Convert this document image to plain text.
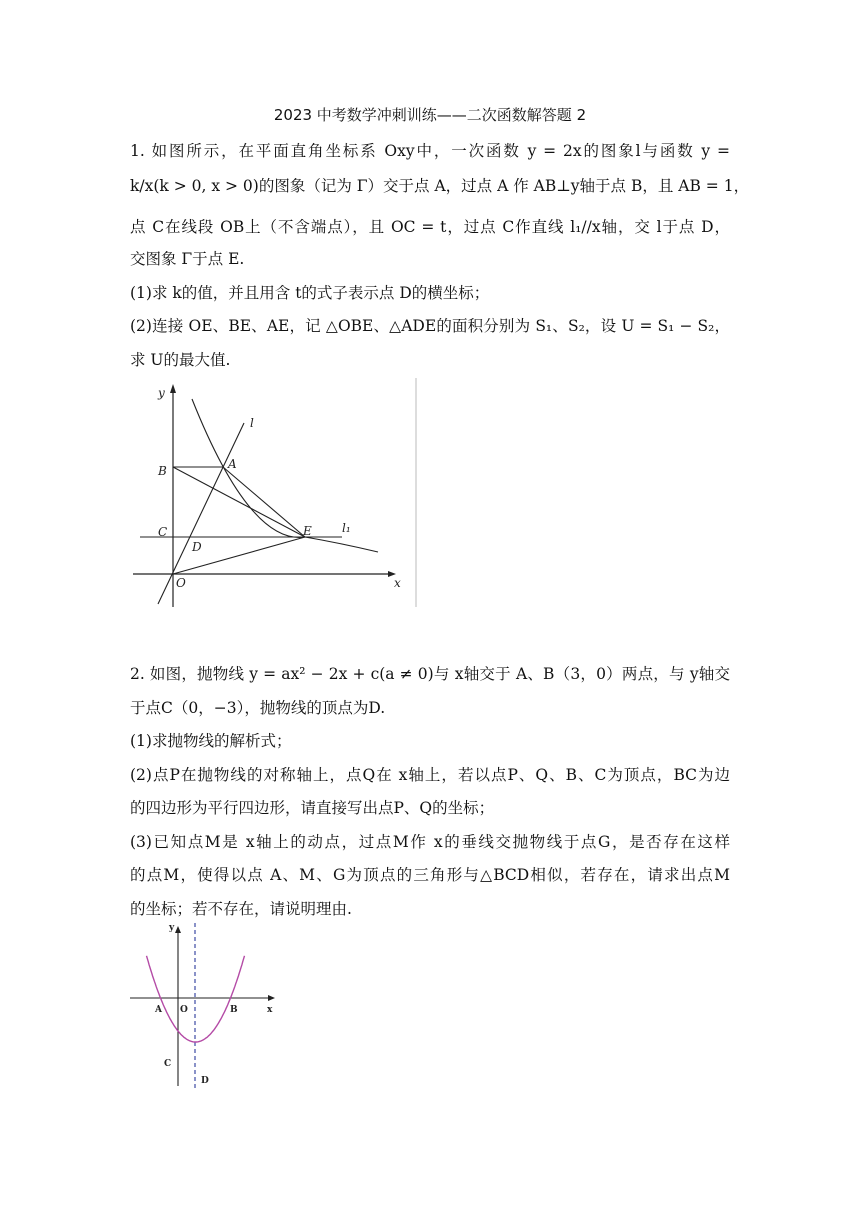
2023 中考数学冲刺训练——二次函数解答题 2
1. 如图所示，在平面直角坐标系 Oxy中，一次函数 y = 2x的图象l与函数 y =
k/x(k > 0, x > 0)的图象（记为 Γ）交于点 A，过点 A 作 AB⊥y轴于点 B，且 AB = 1，
点 C在线段 OB上（不含端点），且 OC = t，过点 C作直线 l₁//x轴，交 l于点 D，
交图象 Γ于点 E.
(1)求 k的值，并且用含 t的式子表示点 D的横坐标；
(2)连接 OE、BE、AE，记 △OBE、△ADE的面积分别为 S₁、S₂，设 U = S₁ − S₂，
求 U的最大值.
y
x
O
B
C
D
A
E
l
l₁
2. 如图，抛物线 y = ax² − 2x + c(a ≠ 0)与 x轴交于 A、B（3，0）两点，与 y轴交
于点C（0，−3），抛物线的顶点为D.
(1)求抛物线的解析式；
(2)点P在抛物线的对称轴上，点Q在 x轴上，若以点P、Q、B、C为顶点，BC为边
的四边形为平行四边形，请直接写出点P、Q的坐标；
(3)已知点M是 x轴上的动点，过点M作 x的垂线交抛物线于点G，是否存在这样
的点M，使得以点 A、M、G为顶点的三角形与△BCD相似，若存在，请求出点M
的坐标；若不存在，请说明理由.
y
x
O
A	B
C
D
